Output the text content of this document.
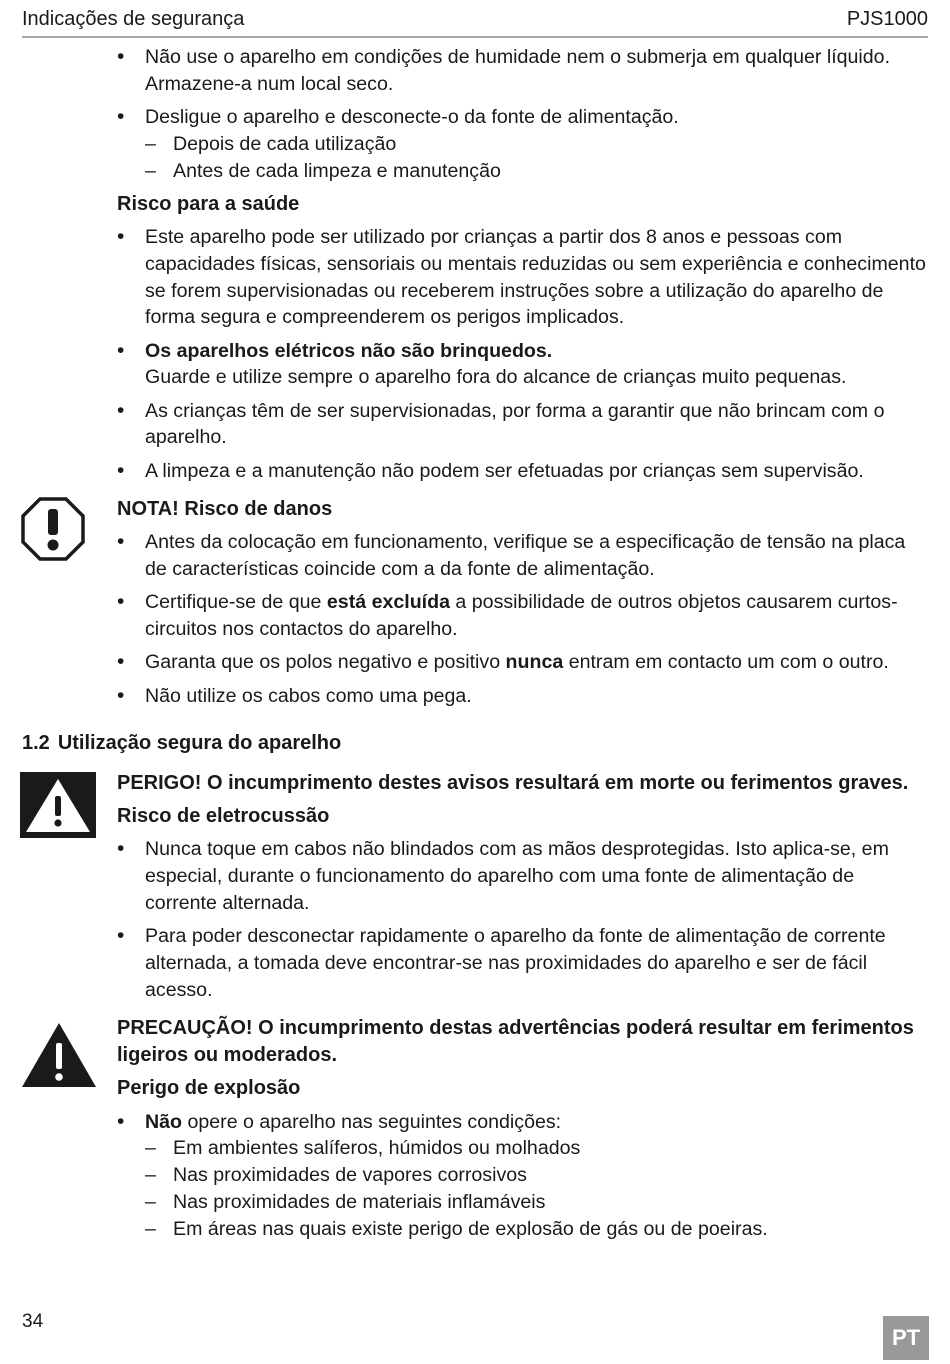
Indicações de segurança	PJS1000
• Não use o aparelho em condições de humidade nem o submerja em qualquer líquido. Armazene-a num local seco.
• Desligue o aparelho e desconecte-o da fonte de alimentação.
– Depois de cada utilização
– Antes de cada limpeza e manutenção

Risco para a saúde

• Este aparelho pode ser utilizado por crianças a partir dos 8 anos e pessoas com capacidades físicas, sensoriais ou mentais reduzidas ou sem experiência e conhecimento se forem supervisionadas ou receberem instruções sobre a utilização do aparelho de forma segura e compreenderem os perigos implicados.
• Os aparelhos elétricos não são brinquedos.
Guarde e utilize sempre o aparelho fora do alcance de crianças muito pequenas.
• As crianças têm de ser supervisionadas, por forma a garantir que não brincam com o aparelho.
• A limpeza e a manutenção não podem ser efetuadas por crianças sem supervisão.

NOTA! Risco de danos

• Antes da colocação em funcionamento, verifique se a especificação de tensão na placa de características coincide com a da fonte de alimentação.
• Certifique-se de que está excluída a possibilidade de outros objetos causarem curtos-circuitos nos contactos do aparelho.
• Garanta que os polos negativo e positivo nunca entram em contacto um com o outro.
• Não utilize os cabos como uma pega.

1.2 Utilização segura do aparelho

PERIGO! O incumprimento destes avisos resultará em morte ou ferimentos graves.

Risco de eletrocussão

• Nunca toque em cabos não blindados com as mãos desprotegidas. Isto aplica-se, em especial, durante o funcionamento do aparelho com uma fonte de alimentação de corrente alternada.
• Para poder desconectar rapidamente o aparelho da fonte de alimentação de corrente alternada, a tomada deve encontrar-se nas proximidades do aparelho e ser de fácil acesso.

PRECAUÇÃO! O incumprimento destas advertências poderá resultar em ferimentos ligeiros ou moderados.

Perigo de explosão

• Não opere o aparelho nas seguintes condições:
– Em ambientes salíferos, húmidos ou molhados
– Nas proximidades de vapores corrosivos
– Nas proximidades de materiais inflamáveis
– Em áreas nas quais existe perigo de explosão de gás ou de poeiras.
34
PT
